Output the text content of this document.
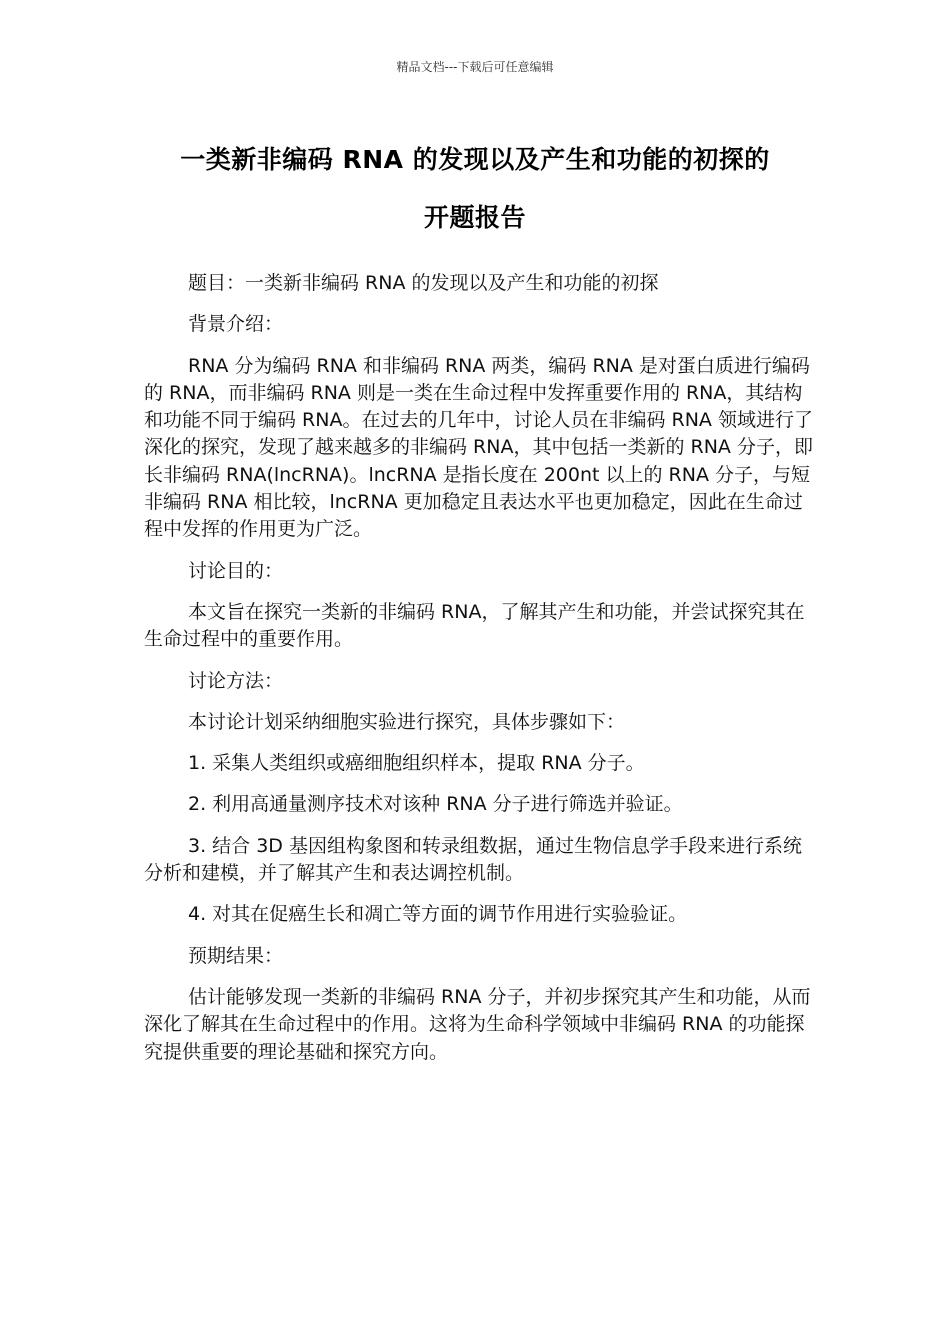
精品文档---下载后可任意编辑
一类新非编码 RNA 的发现以及产生和功能的初探的
开题报告

题目：一类新非编码 RNA 的发现以及产生和功能的初探

背景介绍：

RNA 分为编码 RNA 和非编码 RNA 两类，编码 RNA 是对蛋白质进行编码的 RNA，而非编码 RNA 则是一类在生命过程中发挥重要作用的 RNA，其结构和功能不同于编码 RNA。在过去的几年中，讨论人员在非编码 RNA 领域进行了深化的探究，发现了越来越多的非编码 RNA，其中包括一类新的 RNA 分子，即长非编码 RNA(lncRNA)。lncRNA 是指长度在 200nt 以上的 RNA 分子，与短非编码 RNA 相比较，lncRNA 更加稳定且表达水平也更加稳定，因此在生命过程中发挥的作用更为广泛。

讨论目的：

本文旨在探究一类新的非编码 RNA，了解其产生和功能，并尝试探究其在生命过程中的重要作用。

讨论方法：

本讨论计划采纳细胞实验进行探究，具体步骤如下：

1. 采集人类组织或癌细胞组织样本，提取 RNA 分子。

2. 利用高通量测序技术对该种 RNA 分子进行筛选并验证。

3. 结合 3D 基因组构象图和转录组数据，通过生物信息学手段来进行系统分析和建模，并了解其产生和表达调控机制。

4. 对其在促癌生长和凋亡等方面的调节作用进行实验验证。

预期结果：

估计能够发现一类新的非编码 RNA 分子，并初步探究其产生和功能，从而深化了解其在生命过程中的作用。这将为生命科学领域中非编码 RNA 的功能探究提供重要的理论基础和探究方向。
